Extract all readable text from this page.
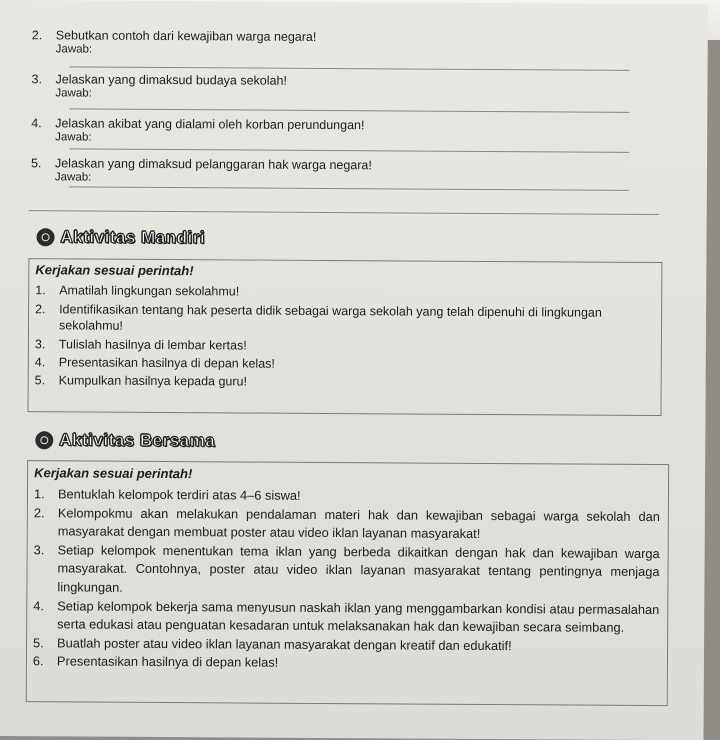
2. Sebutkan contoh dari kewajiban warga negara!
Jawab:
3. Jelaskan yang dimaksud budaya sekolah!
Jawab:
4. Jelaskan akibat yang dialami oleh korban perundungan!
Jawab:
5. Jelaskan yang dimaksud pelanggaran hak warga negara!
Jawab:
Aktivitas Mandiri
Kerjakan sesuai perintah!
1. Amatilah lingkungan sekolahmu!
2. Identifikasikan tentang hak peserta didik sebagai warga sekolah yang telah dipenuhi di lingkungan sekolahmu!
3. Tulislah hasilnya di lembar kertas!
4. Presentasikan hasilnya di depan kelas!
5. Kumpulkan hasilnya kepada guru!
Aktivitas Bersama
Kerjakan sesuai perintah!
1. Bentuklah kelompok terdiri atas 4–6 siswa!
2. Kelompokmu akan melakukan pendalaman materi hak dan kewajiban sebagai warga sekolah dan masyarakat dengan membuat poster atau video iklan layanan masyarakat!
3. Setiap kelompok menentukan tema iklan yang berbeda dikaitkan dengan hak dan kewajiban warga masyarakat. Contohnya, poster atau video iklan layanan masyarakat tentang pentingnya menjaga lingkungan.
4. Setiap kelompok bekerja sama menyusun naskah iklan yang menggambarkan kondisi atau permasalahan serta edukasi atau penguatan kesadaran untuk melaksanakan hak dan kewajiban secara seimbang.
5. Buatlah poster atau video iklan layanan masyarakat dengan kreatif dan edukatif!
6. Presentasikan hasilnya di depan kelas!
